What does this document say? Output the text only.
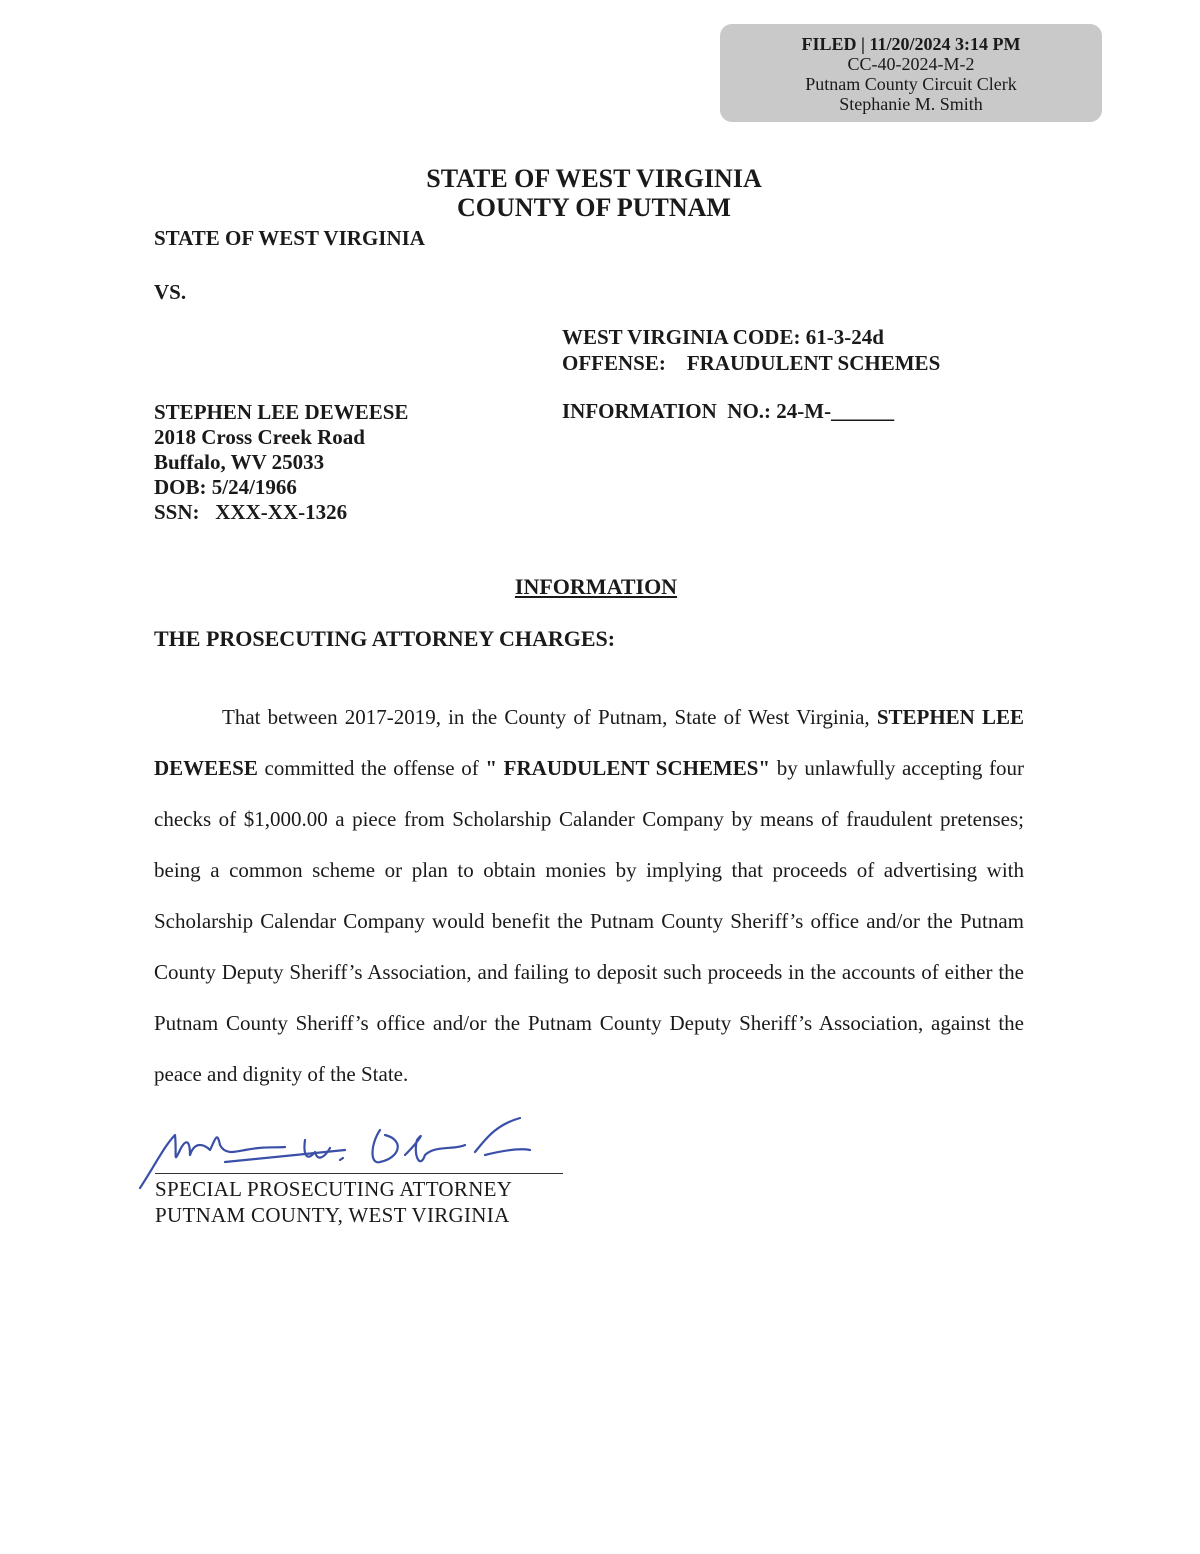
FILED | 11/20/2024 3:14 PM
CC-40-2024-M-2
Putnam County Circuit Clerk
Stephanie M. Smith
STATE OF WEST VIRGINIA
COUNTY OF PUTNAM
STATE OF WEST VIRGINIA
VS.
WEST VIRGINIA CODE: 61-3-24d
OFFENSE:    FRAUDULENT SCHEMES
INFORMATION  NO.: 24-M-______
STEPHEN LEE DEWEESE
2018 Cross Creek Road
Buffalo, WV 25033
DOB: 5/24/1966
SSN:   XXX-XX-1326
INFORMATION
THE PROSECUTING ATTORNEY CHARGES:
That between 2017-2019, in the County of Putnam, State of West Virginia, STEPHEN LEE DEWEESE committed the offense of " FRAUDULENT SCHEMES" by unlawfully accepting four checks of $1,000.00 a piece from Scholarship Calander Company by means of fraudulent pretenses; being a common scheme or plan to obtain monies by implying that proceeds of advertising with Scholarship Calendar Company would benefit the Putnam County Sheriff’s office and/or the Putnam County Deputy Sheriff’s Association, and failing to deposit such proceeds in the accounts of either the Putnam County Sheriff’s office and/or the Putnam County Deputy Sheriff’s Association, against the peace and dignity of the State.
SPECIAL PROSECUTING ATTORNEY
PUTNAM COUNTY, WEST VIRGINIA
